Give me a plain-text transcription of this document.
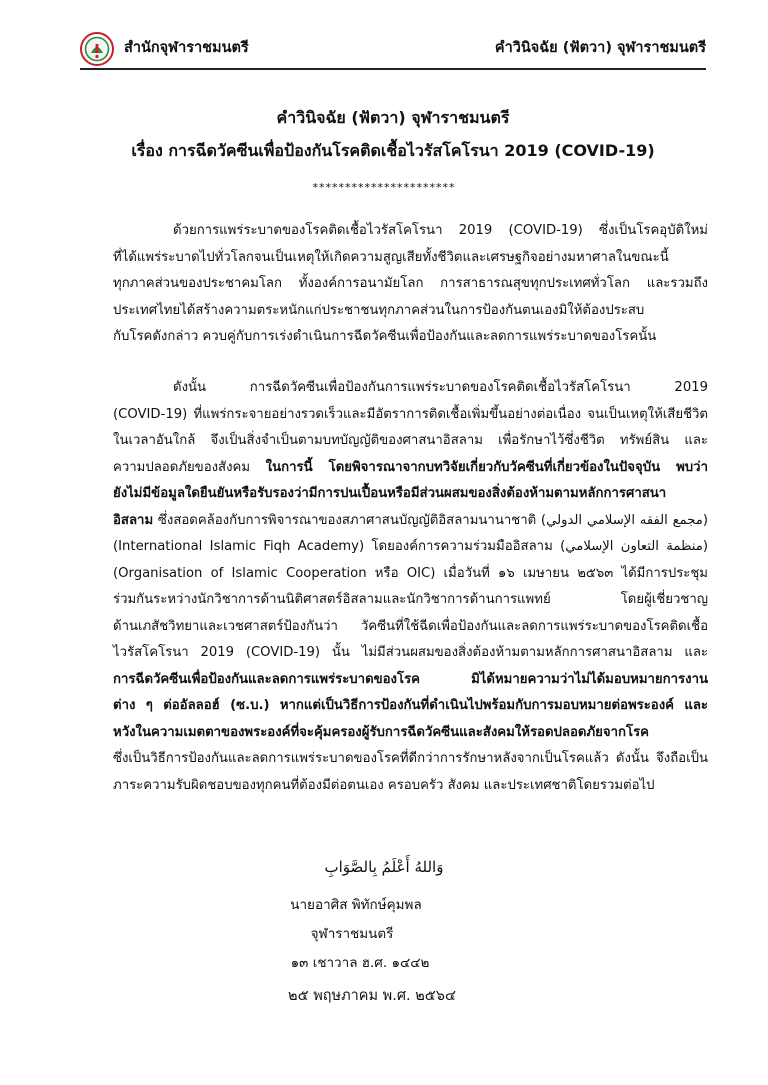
สำนักจุฬาราชมนตรี	คำวินิจฉัย (ฟัตวา) จุฬาราชมนตรี
คำวินิจฉัย (ฟัตวา) จุฬาราชมนตรี
เรื่อง การฉีดวัคซีนเพื่อป้องกันโรคติดเชื้อไวรัสโคโรนา 2019 (COVID-19)
**********************
ด้วยการแพร่ระบาดของโรคติดเชื้อไวรัสโคโรนา 2019 (COVID-19) ซึ่งเป็นโรคอุบัติใหม่
ที่ได้แพร่ระบาดไปทั่วโลกจนเป็นเหตุให้เกิดความสูญเสียทั้งชีวิตและเศรษฐกิจอย่างมหาศาลในขณะนี้
ทุกภาคส่วนของประชาคมโลก ทั้งองค์การอนามัยโลก การสาธารณสุขทุกประเทศทั่วโลก และรวมถึง
ประเทศไทยได้สร้างความตระหนักแก่ประชาชนทุกภาคส่วนในการป้องกันตนเองมิให้ต้องประสบ
กับโรคดังกล่าว ควบคู่กับการเร่งดำเนินการฉีดวัคซีนเพื่อป้องกันและลดการแพร่ระบาดของโรคนั้น
ดังนั้น การฉีดวัคซีนเพื่อป้องกันการแพร่ระบาดของโรคติดเชื้อไวรัสโคโรนา 2019
(COVID-19) ที่แพร่กระจายอย่างรวดเร็วและมีอัตราการติดเชื้อเพิ่มขึ้นอย่างต่อเนื่อง จนเป็นเหตุให้เสียชีวิต
ในเวลาอันใกล้ จึงเป็นสิ่งจำเป็นตามบทบัญญัติของศาสนาอิสลาม เพื่อรักษาไว้ซึ่งชีวิต ทรัพย์สิน และ
ความปลอดภัยของสังคม ในการนี้ โดยพิจารณาจากบทวิจัยเกี่ยวกับวัคซีนที่เกี่ยวข้องในปัจจุบัน พบว่า
ยังไม่มีข้อมูลใดยืนยันหรือรับรองว่ามีการปนเปื้อนหรือมีส่วนผสมของสิ่งต้องห้ามตามหลักการศาสนา
อิสลาม ซึ่งสอดคล้องกับการพิจารณาของสภาศาสนบัญญัติอิสลามนานาชาติ (مجمع الفقه الإسلامي الدولي)
(International Islamic Fiqh Academy) โดยองค์การความร่วมมืออิสลาม (منظمة التعاون الإسلامي)
(Organisation of Islamic Cooperation หรือ OIC) เมื่อวันที่ ๑๖ เมษายน ๒๕๖๓ ได้มีการประชุม
ร่วมกันระหว่างนักวิชาการด้านนิติศาสตร์อิสลามและนักวิชาการด้านการแพทย์ โดยผู้เชี่ยวชาญ
ด้านเภสัชวิทยาและเวชศาสตร์ป้องกันว่า วัคซีนที่ใช้ฉีดเพื่อป้องกันและลดการแพร่ระบาดของโรคติดเชื้อ
ไวรัสโคโรนา 2019 (COVID-19) นั้น ไม่มีส่วนผสมของสิ่งต้องห้ามตามหลักการศาสนาอิสลาม และ
การฉีดวัคซีนเพื่อป้องกันและลดการแพร่ระบาดของโรค มิได้หมายความว่าไม่ได้มอบหมายการงาน
ต่าง ๆ ต่ออัลลอฮ์ (ซ.บ.) หากแต่เป็นวิธีการป้องกันที่ดำเนินไปพร้อมกับการมอบหมายต่อพระองค์ และ
หวังในความเมตตาของพระองค์ที่จะคุ้มครองผู้รับการฉีดวัคซีนและสังคมให้รอดปลอดภัยจากโรค
ซึ่งเป็นวิธีการป้องกันและลดการแพร่ระบาดของโรคที่ดีกว่าการรักษาหลังจากเป็นโรคแล้ว ดังนั้น จึงถือเป็น
ภาระความรับผิดชอบของทุกคนที่ต้องมีต่อตนเอง ครอบครัว สังคม และประเทศชาติโดยรวมต่อไป
وَاللهُ أَعْلَمُ بِالصَّوَابِ
นายอาศิส พิทักษ์คุมพล
จุฬาราชมนตรี
๑๓ เชาวาล ฮ.ศ. ๑๔๔๒
๒๕ พฤษภาคม พ.ศ. ๒๕๖๔
